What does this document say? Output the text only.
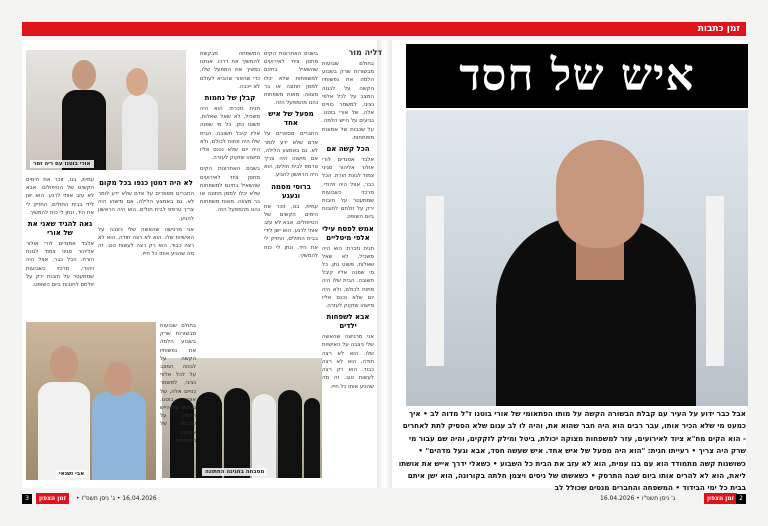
זמן כתבות
איש של חסד
אבל כבר ידוע על העיר עם קבלת הבשורה הקשה על מותו הפתאומי של אורי בוטנו ז"ל מדוה לב • איך כמעט מי שלא הכיר אותו, עבר רבים הוא היה חבר שהוא את, והיה לו לב עגום שלא הפסיק לתת לאחרים - הוא הקים מח"א ציוד לאירועים, עזר למשפחות מצוקה יכולת, ביטל ומילק לזקקים, והיה שם עבור מי שרק היה צריך • רעייתו חגית: "הוא היה מפעל של איש אחד. איש שעשה חסד, אבא וגעל מדהים" • כשושנות קשה מתמודד הוא עם בנו עמית, הוא לא עזב את הבית כל השבוע • כשאלי ידרך אייש את אושתו ליאת, הוא לא להרים אותו ביום שבה התרסק • כשאשתו של ניסים ויצמן חלתה בקורונה, הוא ישן איתם בבית כל ימי הבידוד • המשפחה והחברים מנסים שכולל לב
אורי בוטנו עם ריה זמר
אבי ושנאי	מסבחה בחגיגה החתונה
דליה מור

בחולם שבועות מבשורות שרק בשבוע הלמה את נפשותיו הקשה על לבנוה המצב על לכל אלפי נציגי, למשמר כוויים אלה, של אורי בוטנו. גביעים על הייש הלמה. על שכבות של אמונות מפותחות.

הכל קשה אם

אלבד אמנדים לורי אולור אליהור סגיני צמוד לגונת הורת. הכל כבר, אצל היה ויהודי, מרכזי כשבועות שמתעטר על חובות ירק על זולתם לחובות ביום השופט.

אמש לפסח עילי אלפי מיטליים

חגית נזכרת: הוא היה משכיל, לא שאל שאלות, פשוט נתן. כל מי שפנה אליו קיבל תשובה. הבית שלו היה פתוח לכולם, ולא היה יום שלא נכנס אליו מישהו שזקוק לעזרה.

אבא לשפחות ילדים

אני מרגישה שהאשה שלי ניצבה על האישיות שלו. הוא לא רצה תודה, הוא לא רצה כבוד. הוא רק רצה לעשות טוב. זה מה שהניע אותו כל חייו.

בשנים האחרונות הקים מחסן ציוד לאירועים שהשאיל בחינם למשפחות שלא יכלו לממן חתונה או בר מצווה. מאות משפחות נהנו מהמפעל הזה.

מפעל של איש אחד

החברים מספרים על אדם שלא ידע לומר לא. גם באמצע הלילה, אם מישהו היה צריך טרמפ לבית חולים, הוא היה הראשון להגיע.

ברוסי מסמה וגעגע

עמית, בנו, זוכר את הימים הקשים של הטיפולים. אבא לא עזב אותי לרגע. הוא ישן לידי בבית החולים, החזיק לי את היד, ונתן לי כוח להמשיך.

המשפחה מבקשת להמשיך את דרכו. אנחנו נמשיך את המפעל שלו, כדי שהאור שהביא לעולם לא ייכבה.

קבלן של נחמות

חגית נזכרת: הוא היה משכיל, לא שאל שאלות, פשוט נתן. כל מי שפנה אליו קיבל תשובה. הבית שלו היה פתוח לכולם, ולא היה יום שלא נכנס אליו מישהו שזקוק לעזרה.

בשנים האחרונות הקים מחסן ציוד לאירועים שהשאיל בחינם למשפחות שלא יכלו לממן חתונה או בר מצווה. מאות משפחות נהנו מהמפעל הזה.

לא היה דמטן כנפו בכל מקום

החברים מספרים על אדם שלא ידע לומר לא. גם באמצע הלילה, אם מישהו היה צריך טרמפ לבית חולים, הוא היה הראשון להגיע.

אני מרגישה שהאשה שלי ניצבה על האישיות שלו. הוא לא רצה תודה, הוא לא רצה כבוד. הוא רק רצה לעשות טוב. זה מה שהניע אותו כל חייו.

עמית, בנו, זוכר את הימים הקשים של הטיפולים. אבא לא עזב אותי לרגע. הוא ישן לידי בבית החולים, החזיק לי את היד, ונתן לי כוח להמשיך.

גאה להגיד שאני את של אורי

אלבד אמנדים לורי אולור אליהור סגיני צמוד לגונת הורת. הכל כבר, אצל היה ויהודי, מרכזי כשבועות שמתעטר על חובות ירק על זולתם לחובות ביום השופט.

בחולם שבועות מבשורות שרק בשבוע הלמה את נפשותיו הקשה על לבנוה המצב על לכל אלפי נציגי, למשמר כוויים אלה, של אורי בוטנו. גביעים על הייש הלמה. על שכבות של אמונות מפותחות.

3	זמן הצפון	16.04.2026 • ג' ניסן תשפ"ו •	ג' ניסן תשפ"ו • 16.04.2026	זמן הצפון 2
